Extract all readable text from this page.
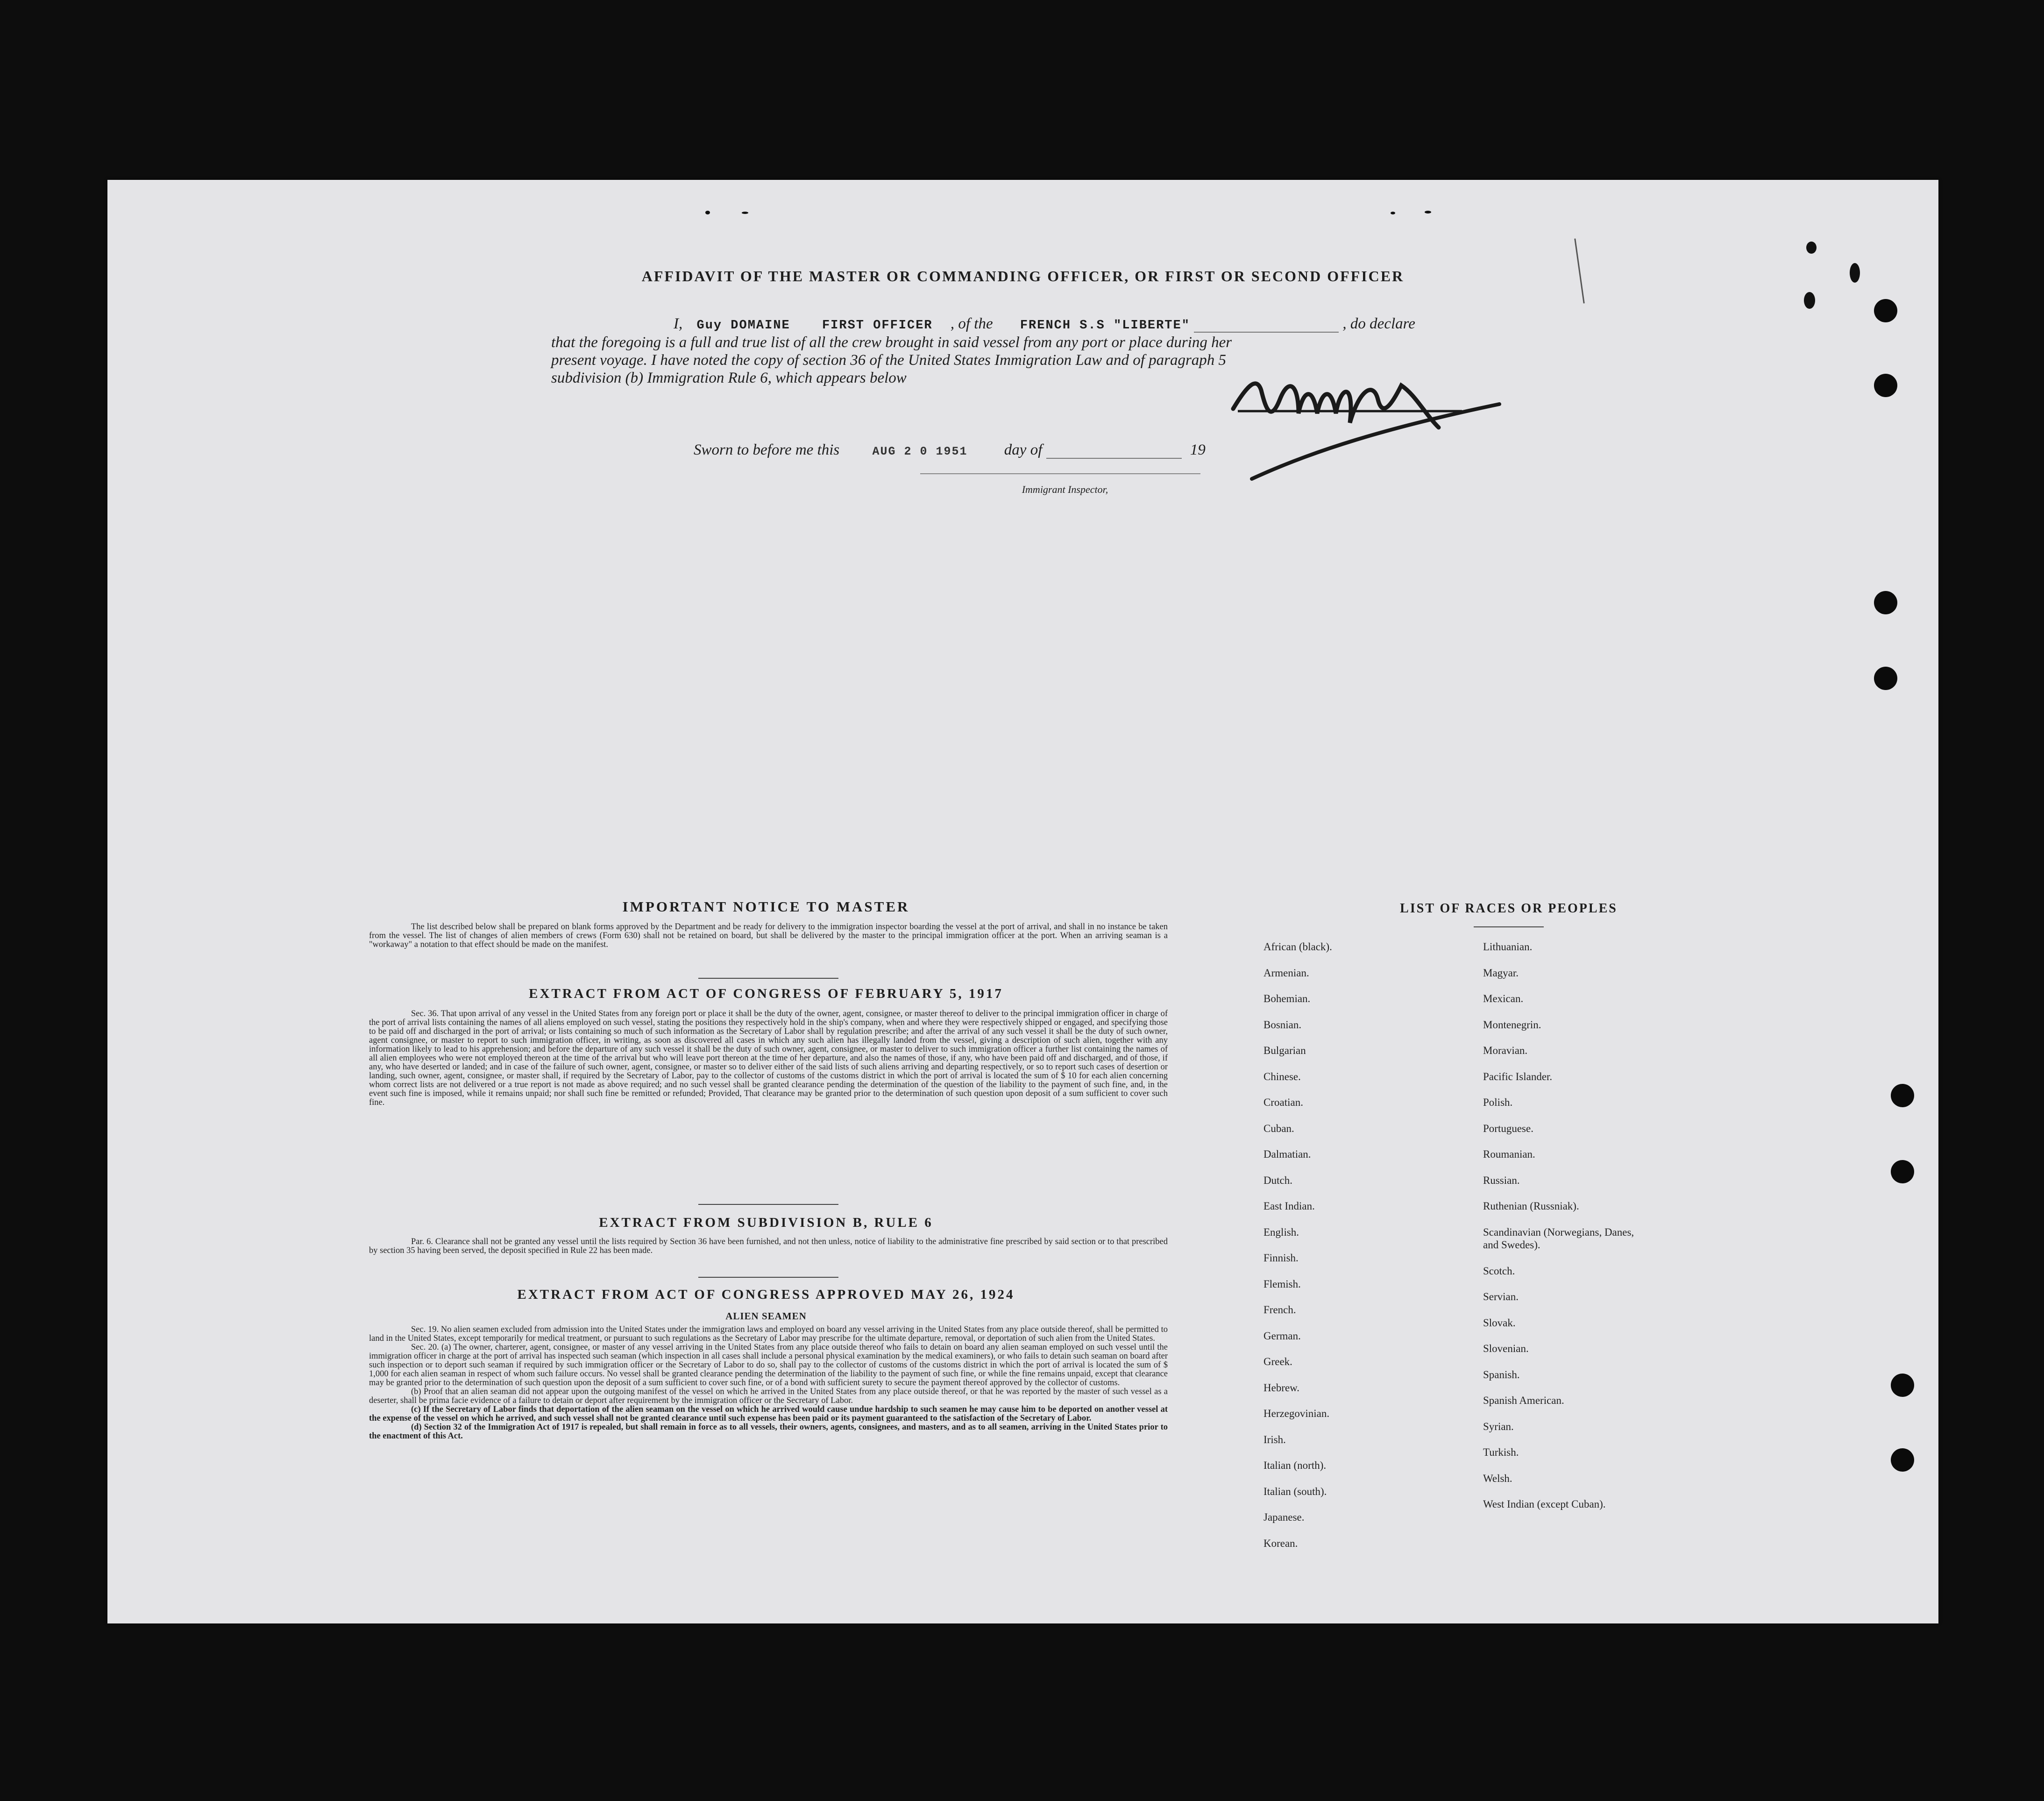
AFFIDAVIT OF THE MASTER OR COMMANDING OFFICER, OR FIRST OR SECOND OFFICER
I, Guy DOMAINE	FIRST OFFICER , of the FRENCH S.S "LIBERTE"	, do declare
that the foregoing is a full and true list of all the crew brought in said vessel from any port or place during her
present voyage. I have noted the copy of section 36 of the United States Immigration Law and of paragraph 5
subdivision (b) Immigration Rule 6, which appears below
Sworn to before me this	AUG 2 0 1951 day of	19
Immigrant Inspector,
IMPORTANT NOTICE TO MASTER
The list described below shall be prepared on blank forms approved by the Department and be ready for delivery to the immigration inspector boarding the vessel at the port of arrival, and shall in no instance be taken from the vessel. The list of changes of alien members of crews (Form 630) shall not be retained on board, but shall be delivered by the master to the principal immigration officer at the port. When an arriving seaman is a "workaway" a notation to that effect should be made on the manifest.
EXTRACT FROM ACT OF CONGRESS OF FEBRUARY 5, 1917
Sec. 36. That upon arrival of any vessel in the United States from any foreign port or place it shall be the duty of the owner, agent, consignee, or master thereof to deliver to the principal immigration officer in charge of the port of arrival lists containing the names of all aliens employed on such vessel, stating the positions they respectively hold in the ship's company, when and where they were respectively shipped or engaged, and specifying those to be paid off and discharged in the port of arrival; or lists containing so much of such information as the Secretary of Labor shall by regulation prescribe; and after the arrival of any such vessel it shall be the duty of such owner, agent consignee, or master to report to such immigration officer, in writing, as soon as discovered all cases in which any such alien has illegally landed from the vessel, giving a description of such alien, together with any information likely to lead to his apprehension; and before the departure of any such vessel it shall be the duty of such owner, agent, consignee, or master to deliver to such immigration officer a further list containing the names of all alien employees who were not employed thereon at the time of the arrival but who will leave port thereon at the time of her departure, and also the names of those, if any, who have been paid off and discharged, and of those, if any, who have deserted or landed; and in case of the failure of such owner, agent, consignee, or master so to deliver either of the said lists of such aliens arriving and departing respectively, or so to report such cases of desertion or landing, such owner, agent, consignee, or master shall, if required by the Secretary of Labor, pay to the collector of customs of the customs district in which the port of arrival is located the sum of $ 10 for each alien concerning whom correct lists are not delivered or a true report is not made as above required; and no such vessel shall be granted clearance pending the determination of the question of the liability to the payment of such fine, and, in the event such fine is imposed, while it remains unpaid; nor shall such fine be remitted or refunded; Provided, That clearance may be granted prior to the determination of such question upon deposit of a sum sufficient to cover such fine.
EXTRACT FROM SUBDIVISION B, RULE 6
Par. 6. Clearance shall not be granted any vessel until the lists required by Section 36 have been furnished, and not then unless, notice of liability to the administrative fine prescribed by said section or to that prescribed by section 35 having been served, the deposit specified in Rule 22 has been made.
EXTRACT FROM ACT OF CONGRESS APPROVED MAY 26, 1924
ALIEN SEAMEN
Sec. 19. No alien seamen excluded from admission into the United States under the immigration laws and employed on board any vessel arriving in the United States from any place outside thereof, shall be permitted to land in the United States, except temporarily for medical treatment, or pursuant to such regulations as the Secretary of Labor may prescribe for the ultimate departure, removal, or deportation of such alien from the United States.
Sec. 20. (a) The owner, charterer, agent, consignee, or master of any vessel arriving in the United States from any place outside thereof who fails to detain on board any alien seaman employed on such vessel until the immigration officer in charge at the port of arrival has inspected such seaman (which inspection in all cases shall include a personal physical examination by the medical examiners), or who fails to detain such seaman on board after such inspection or to deport such seaman if required by such immigration officer or the Secretary of Labor to do so, shall pay to the collector of customs of the customs district in which the port of arrival is located the sum of $ 1,000 for each alien seaman in respect of whom such failure occurs. No vessel shall be granted clearance pending the determination of the liability to the payment of such fine, or while the fine remains unpaid, except that clearance may be granted prior to the determination of such question upon the deposit of a sum sufficient to cover such fine, or of a bond with sufficient surety to secure the payment thereof approved by the collector of customs.
(b) Proof that an alien seaman did not appear upon the outgoing manifest of the vessel on which he arrived in the United States from any place outside thereof, or that he was reported by the master of such vessel as a deserter, shall be prima facie evidence of a failure to detain or deport after requirement by the immigration officer or the Secretary of Labor.
(c) If the Secretary of Labor finds that deportation of the alien seaman on the vessel on which he arrived would cause undue hardship to such seamen he may cause him to be deported on another vessel at the expense of the vessel on which he arrived, and such vessel shall not be granted clearance until such expense has been paid or its payment guaranteed to the satisfaction of the Secretary of Labor.
(d) Section 32 of the Immigration Act of 1917 is repealed, but shall remain in force as to all vessels, their owners, agents, consignees, and masters, and as to all seamen, arriving in the United States prior to the enactment of this Act.
LIST OF RACES OR PEOPLES
African (black).
Armenian.
Bohemian.
Bosnian.
Bulgarian
Chinese.
Croatian.
Cuban.
Dalmatian.
Dutch.
East Indian.
English.
Finnish.
Flemish.
French.
German.
Greek.
Hebrew.
Herzegovinian.
Irish.
Italian (north).
Italian (south).
Japanese.
Korean.
Lithuanian.
Magyar.
Mexican.
Montenegrin.
Moravian.
Pacific Islander.
Polish.
Portuguese.
Roumanian.
Russian.
Ruthenian (Russniak).
Scandinavian (Norwegians, Danes, and Swedes).
Scotch.
Servian.
Slovak.
Slovenian.
Spanish.
Spanish American.
Syrian.
Turkish.
Welsh.
West Indian (except Cuban).
